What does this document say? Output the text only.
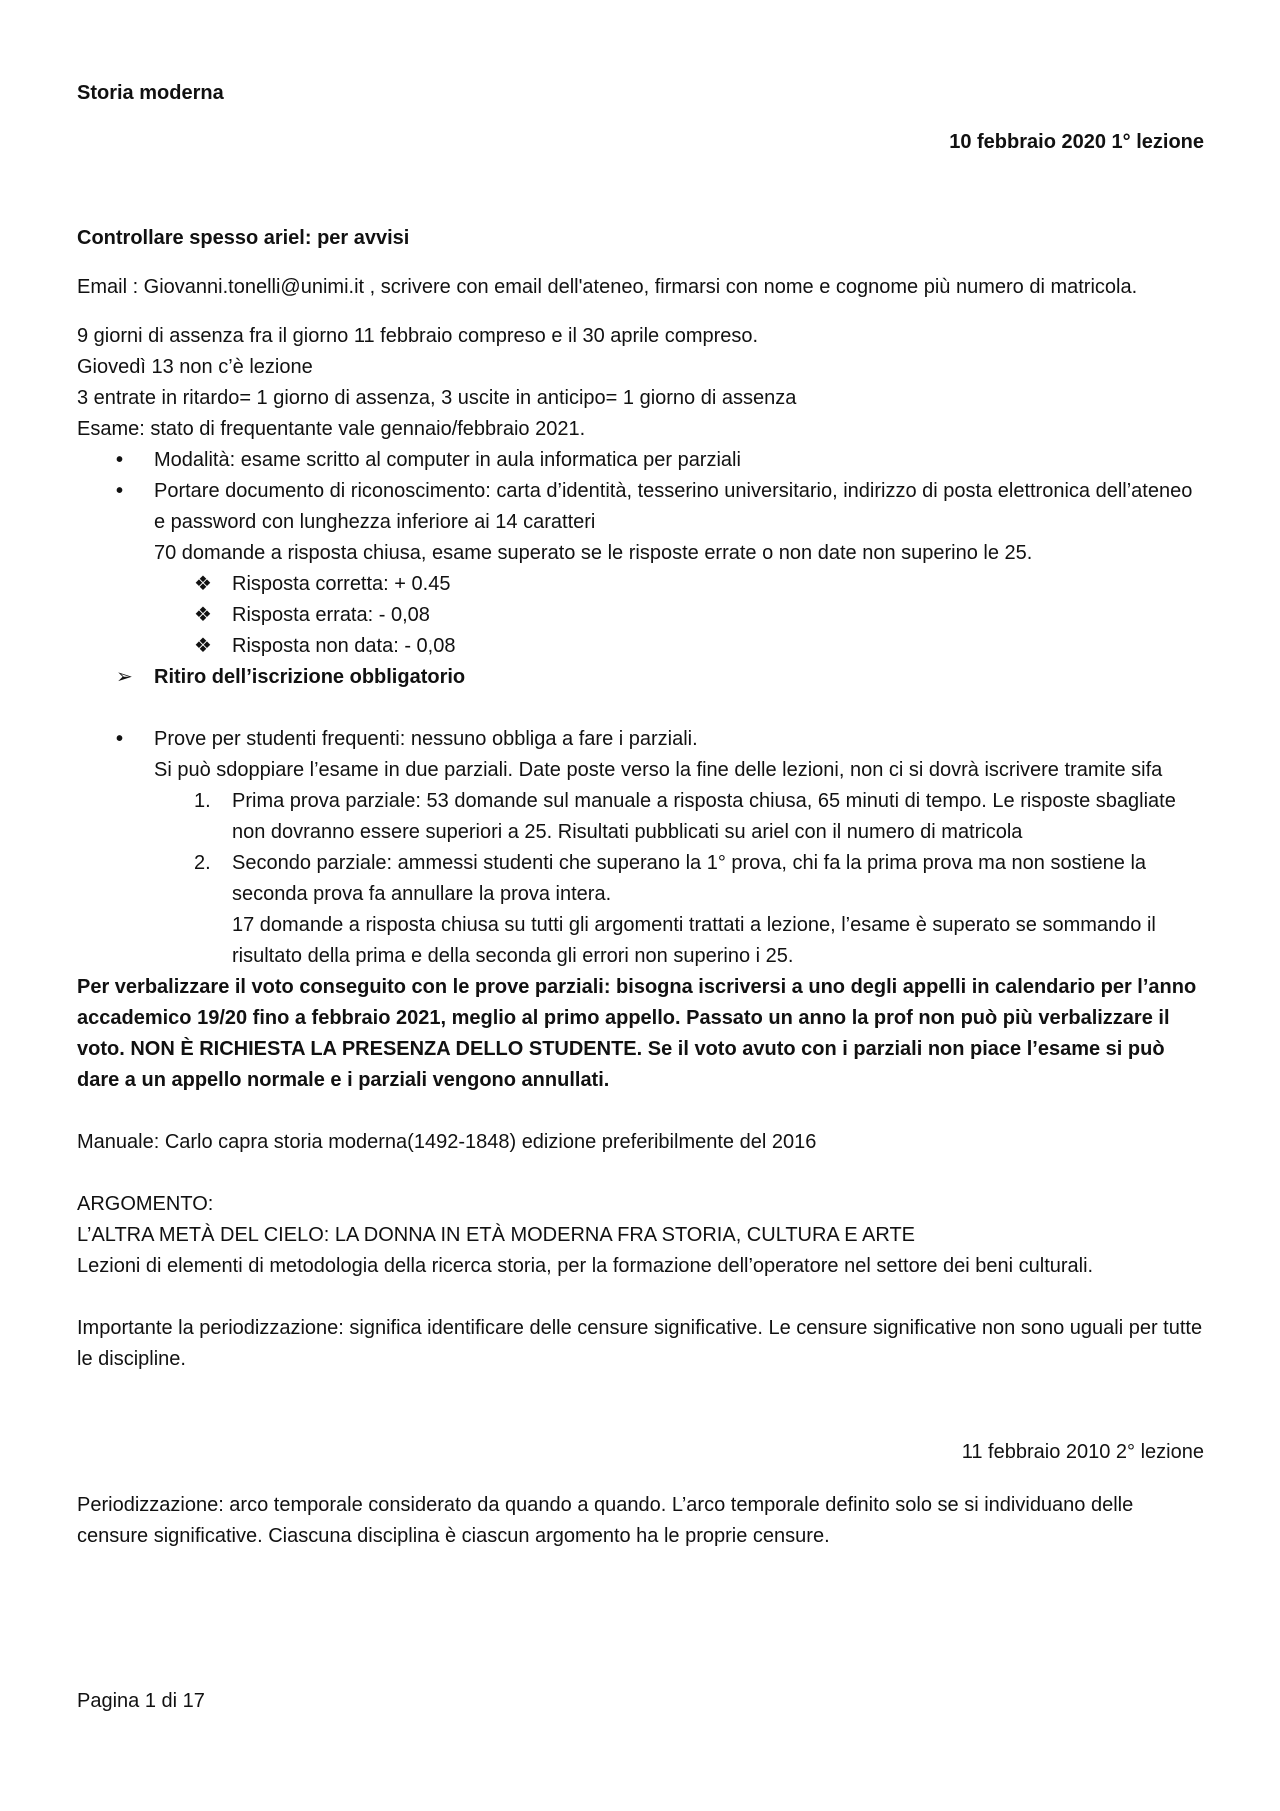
Storia moderna

10 febbraio 2020 1° lezione

Controllare spesso ariel: per avvisi

Email : Giovanni.tonelli@unimi.it , scrivere con email dell'ateneo, firmarsi con nome e cognome più numero di matricola.

9 giorni di assenza fra il giorno 11 febbraio compreso e il 30 aprile compreso.

Giovedì 13 non c’è lezione

3 entrate in ritardo= 1 giorno di assenza, 3 uscite in anticipo= 1 giorno di assenza

Esame: stato di frequentante vale gennaio/febbraio 2021.

•	Modalità: esame scritto al computer in aula informatica per parziali

•	Portare documento di riconoscimento: carta d’identità, tesserino universitario, indirizzo di posta elettronica dell’ateneo e password con lunghezza inferiore ai 14 caratteri

70 domande a risposta chiusa, esame superato se le risposte errate o non date non superino le 25.

❖	Risposta corretta: + 0.45

❖	Risposta errata: - 0,08

❖	Risposta non data: - 0,08

➢	Ritiro dell’iscrizione obbligatorio

•	Prove per studenti frequenti: nessuno obbliga a fare i parziali.

Si può sdoppiare l’esame in due parziali. Date poste verso la fine delle lezioni, non ci si dovrà iscrivere tramite sifa

1.	Prima prova parziale: 53 domande sul manuale a risposta chiusa, 65 minuti di tempo. Le risposte sbagliate non dovranno essere superiori a 25. Risultati pubblicati su ariel con il numero di matricola

2.	Secondo parziale: ammessi studenti che superano la 1° prova, chi fa la prima prova ma non sostiene la seconda prova fa annullare la prova intera.

17 domande a risposta chiusa su tutti gli argomenti trattati a lezione, l’esame è superato se sommando il risultato della prima e della seconda gli errori non superino i 25.

Per verbalizzare il voto conseguito con le prove parziali: bisogna iscriversi a uno degli appelli in calendario per l’anno accademico 19/20 fino a febbraio 2021, meglio al primo appello. Passato un anno la prof non può più verbalizzare il voto. NON È RICHIESTA LA PRESENZA DELLO STUDENTE. Se il voto avuto con i parziali non piace l’esame si può dare a un appello normale e i parziali vengono annullati.

Manuale: Carlo capra storia moderna(1492-1848) edizione preferibilmente del 2016

ARGOMENTO:

L’ALTRA METÀ DEL CIELO: LA DONNA IN ETÀ MODERNA FRA STORIA, CULTURA E ARTE

Lezioni di elementi di metodologia della ricerca storia, per la formazione dell’operatore nel settore dei beni culturali.

Importante la periodizzazione: significa identificare delle censure significative. Le censure significative non sono uguali per tutte le discipline.

11 febbraio 2010 2° lezione

Periodizzazione: arco temporale considerato da quando a quando. L’arco temporale definito solo se si individuano delle censure significative. Ciascuna disciplina è ciascun argomento ha le proprie censure.

Pagina 1 di 17
